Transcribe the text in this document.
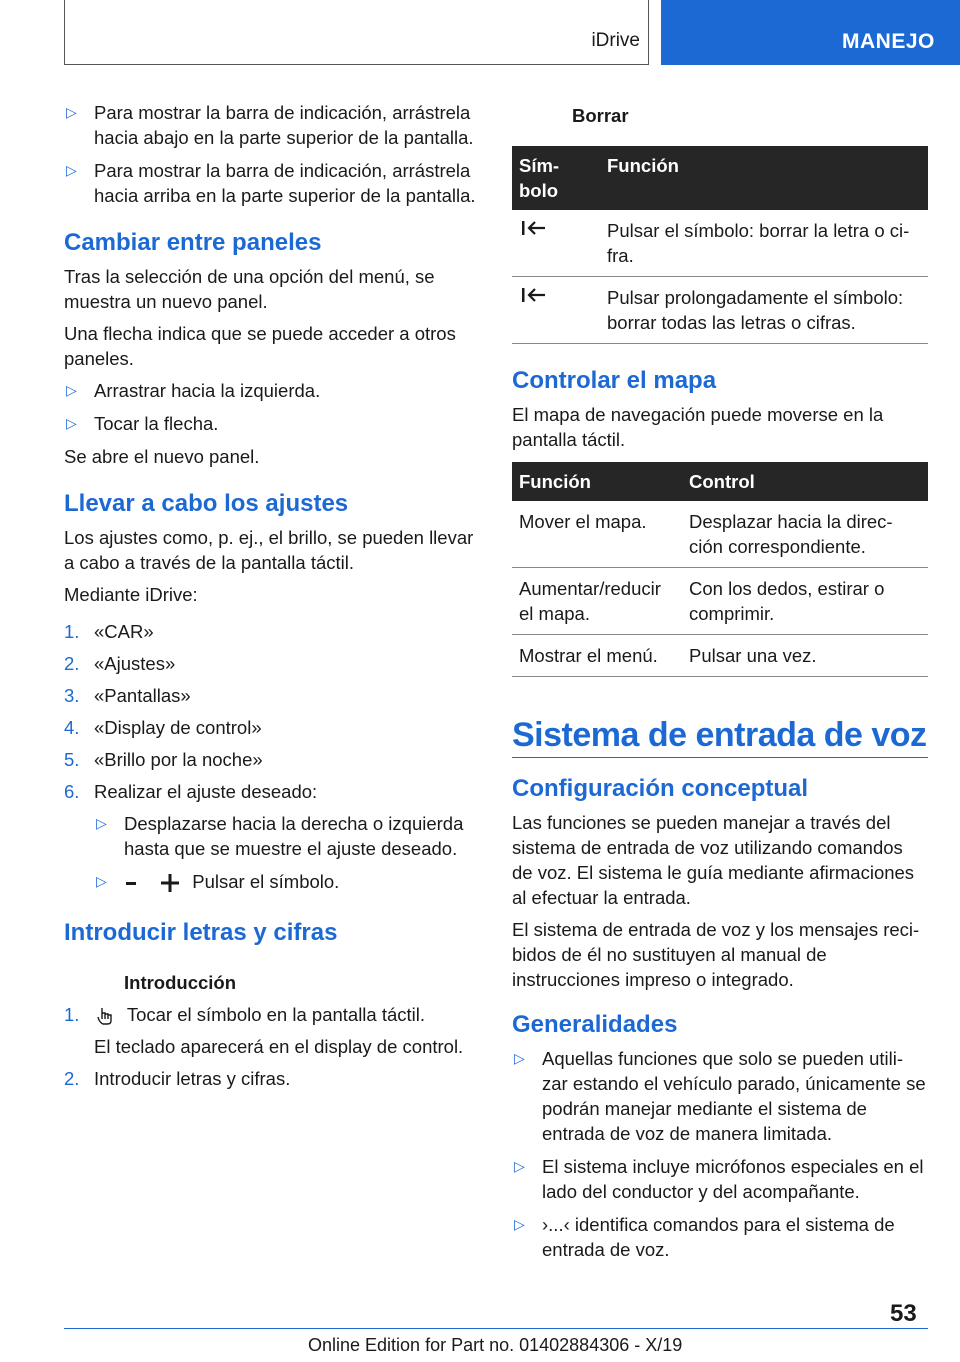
iDrive	MANEJO
▷ Para mostrar la barra de indicación, arrástrela hacia abajo en la parte superior de la pantalla.
▷ Para mostrar la barra de indicación, arrástrela hacia arriba en la parte superior de la pantalla.
Cambiar entre paneles

Tras la selección de una opción del menú, se muestra un nuevo panel.

Una flecha indica que se puede acceder a otros paneles.

▷ Arrastrar hacia la izquierda.
▷ Tocar la flecha.

Se abre el nuevo panel.

Llevar a cabo los ajustes

Los ajustes como, p. ej., el brillo, se pueden llevar a cabo a través de la pantalla táctil.

Mediante iDrive:

1. «CAR»
2. «Ajustes»
3. «Pantallas»
4. «Display de control»
5. «Brillo por la noche»
6. Realizar el ajuste deseado:
▷ Desplazarse hacia la derecha o izquierda hasta que se muestre el ajuste deseado.
▷	Pulsar el símbolo.
Introducir letras y cifras
Introducción
1.	Tocar el símbolo en la pantalla táctil.

El teclado aparecerá en el display de control.

2. Introducir letras y cifras.
Borrar
Sím-bolo	Función
	Pulsar el símbolo: borrar la letra o ci-fra.
	Pulsar prolongadamente el símbolo: borrar todas las letras o cifras.
Controlar el mapa

El mapa de navegación puede moverse en la pantalla táctil.

Función	Control
Mover el mapa.	Desplazar hacia la direc-ción correspondiente.
Aumentar/reducir el mapa.	Con los dedos, estirar o comprimir.
Mostrar el menú.	Pulsar una vez.
Sistema de entrada de voz
Configuración conceptual

Las funciones se pueden manejar a través del sistema de entrada de voz utilizando comandos de voz. El sistema le guía mediante afirmaciones al efectuar la entrada.

El sistema de entrada de voz y los mensajes reci-bidos de él no sustituyen al manual de instrucciones impreso o integrado.

Generalidades
▷ Aquellas funciones que solo se pueden utili-zar estando el vehículo parado, únicamente se podrán manejar mediante el sistema de entrada de voz de manera limitada.
▷ El sistema incluye micrófonos especiales en el lado del conductor y del acompañante.
▷ ›...‹ identifica comandos para el sistema de entrada de voz.
53
Online Edition for Part no. 01402884306 - X/19
